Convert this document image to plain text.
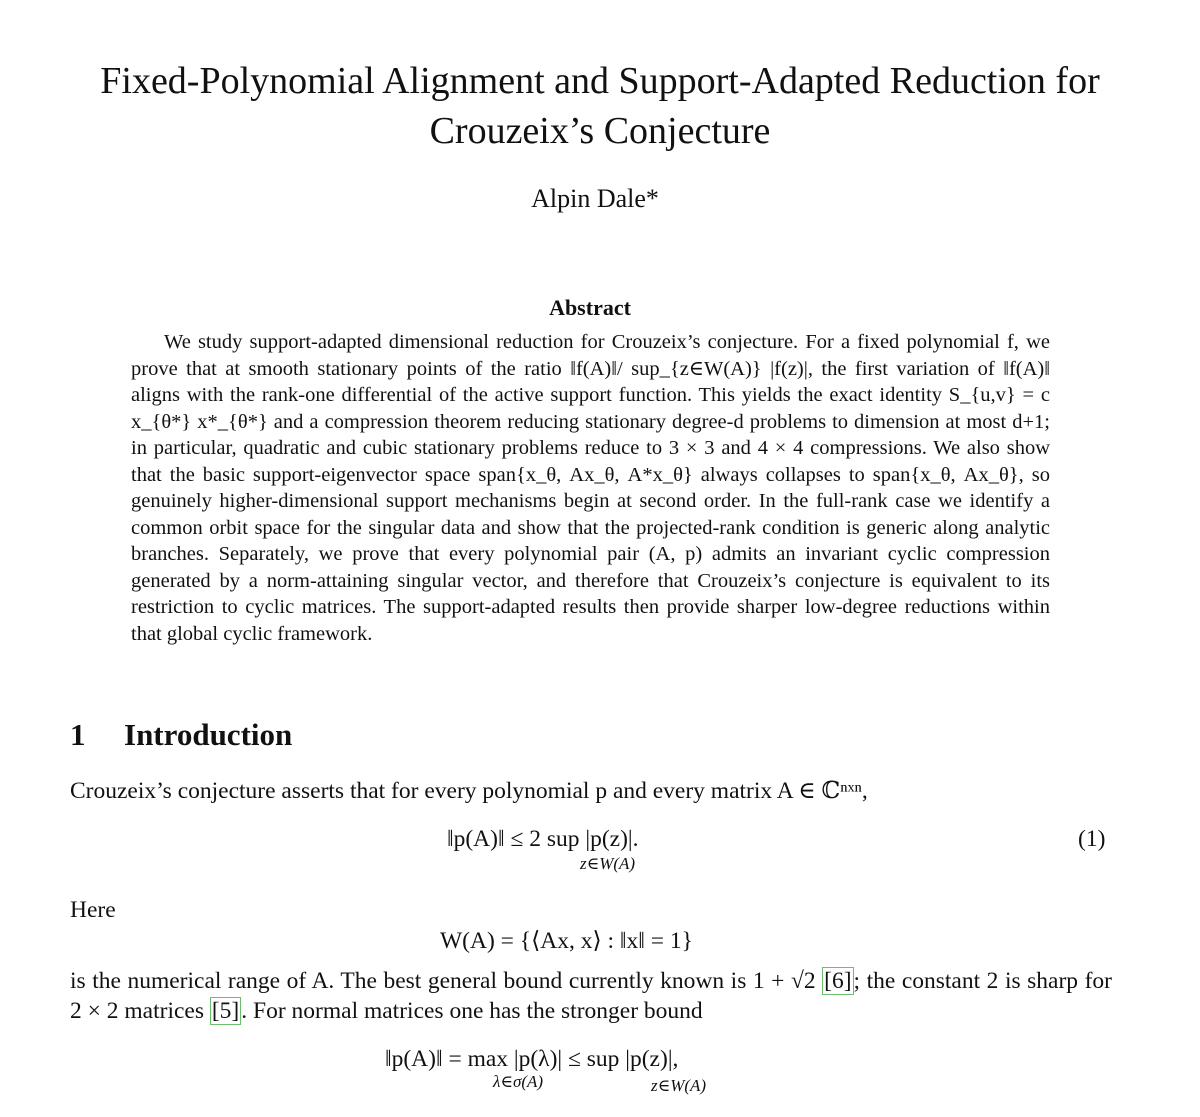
Fixed-Polynomial Alignment and Support-Adapted Reduction for
Crouzeix’s Conjecture
Alpin Dale*
Abstract

We study support-adapted dimensional reduction for Crouzeix’s conjecture. For a fixed polynomial f, we prove that at smooth stationary points of the ratio ‖f(A)‖/ sup_{z∈W(A)} |f(z)|, the first variation of ‖f(A)‖ aligns with the rank-one differential of the active support function. This yields the exact identity S_{u,v} = c x_{θ*} x*_{θ*} and a compression theorem reducing stationary degree-d problems to dimension at most d+1; in particular, quadratic and cubic stationary problems reduce to 3 × 3 and 4 × 4 compressions. We also show that the basic support-eigenvector space span{x_θ, Ax_θ, A*x_θ} always collapses to span{x_θ, Ax_θ}, so genuinely higher-dimensional support mechanisms begin at second order. In the full-rank case we identify a common orbit space for the singular data and show that the projected-rank condition is generic along analytic branches. Separately, we prove that every polynomial pair (A, p) admits an invariant cyclic compression generated by a norm-attaining singular vector, and therefore that Crouzeix’s conjecture is equivalent to its restriction to cyclic matrices. The support-adapted results then provide sharper low-degree reductions within that global cyclic framework.

1 Introduction

Crouzeix’s conjecture asserts that for every polynomial p and every matrix A ∈ ℂⁿˣⁿ,

‖p(A)‖ ≤ 2 sup |p(z)|.
z∈W(A)
(1)

Here

W(A) = {⟨Ax, x⟩ : ‖x‖ = 1}

is the numerical range of A. The best general bound currently known is 1 + √2 [6]; the constant 2 is sharp for 2 × 2 matrices [5]. For normal matrices one has the stronger bound

‖p(A)‖ = max |p(λ)| ≤ sup |p(z)|,
λ∈σ(A)	z∈W(A)
